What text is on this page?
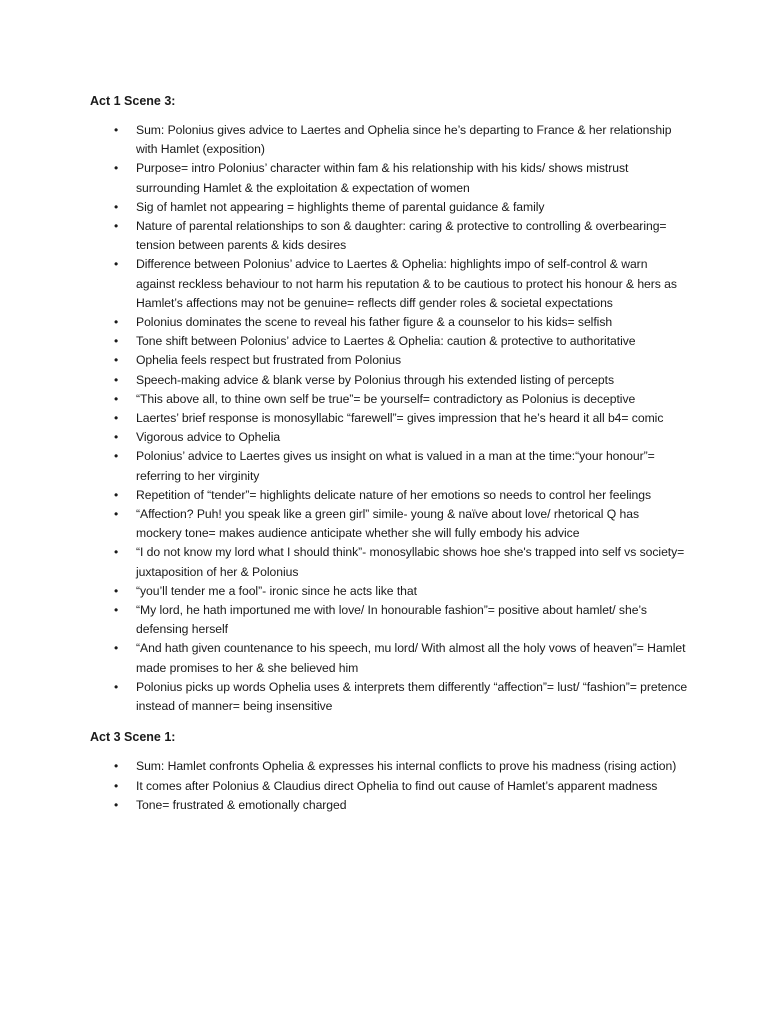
Act 1 Scene 3:
• Sum: Polonius gives advice to Laertes and Ophelia since he’s departing to France & her relationship with Hamlet (exposition)
• Purpose= intro Polonius’ character within fam & his relationship with his kids/ shows mistrust surrounding Hamlet & the exploitation & expectation of women
• Sig of hamlet not appearing = highlights theme of parental guidance & family
• Nature of parental relationships to son & daughter: caring & protective to controlling & overbearing= tension between parents & kids desires
• Difference between Polonius’ advice to Laertes & Ophelia: highlights impo of self-control & warn against reckless behaviour to not harm his reputation & to be cautious to protect his honour & hers as Hamlet’s affections may not be genuine= reflects diff gender roles & societal expectations
• Polonius dominates the scene to reveal his father figure & a counselor to his kids= selfish
• Tone shift between Polonius’ advice to Laertes & Ophelia: caution & protective to authoritative
• Ophelia feels respect but frustrated from Polonius
• Speech-making advice & blank verse by Polonius through his extended listing of percepts
• “This above all, to thine own self be true”= be yourself= contradictory as Polonius is deceptive
• Laertes’ brief response is monosyllabic “farewell”= gives impression that he’s heard it all b4= comic
• Vigorous advice to Ophelia
• Polonius’ advice to Laertes gives us insight on what is valued in a man at the time:“your honour”= referring to her virginity
• Repetition of “tender”= highlights delicate nature of her emotions so needs to control her feelings
• “Affection? Puh! you speak like a green girl” simile- young & naïve about love/ rhetorical Q has mockery tone= makes audience anticipate whether she will fully embody his advice
• “I do not know my lord what I should think”- monosyllabic shows hoe she's trapped into self vs society= juxtaposition of her & Polonius
• “you’ll tender me a fool”- ironic since he acts like that
• “My lord, he hath importuned me with love/ In honourable fashion”= positive about hamlet/ she’s defensing herself
• “And hath given countenance to his speech, mu lord/ With almost all the holy vows of heaven”= Hamlet made promises to her & she believed him
• Polonius picks up words Ophelia uses & interprets them differently “affection”= lust/ “fashion”= pretence instead of manner= being insensitive
Act 3 Scene 1:
• Sum: Hamlet confronts Ophelia & expresses his internal conflicts to prove his madness (rising action)
• It comes after Polonius & Claudius direct Ophelia to find out cause of Hamlet’s apparent madness
• Tone= frustrated & emotionally charged
